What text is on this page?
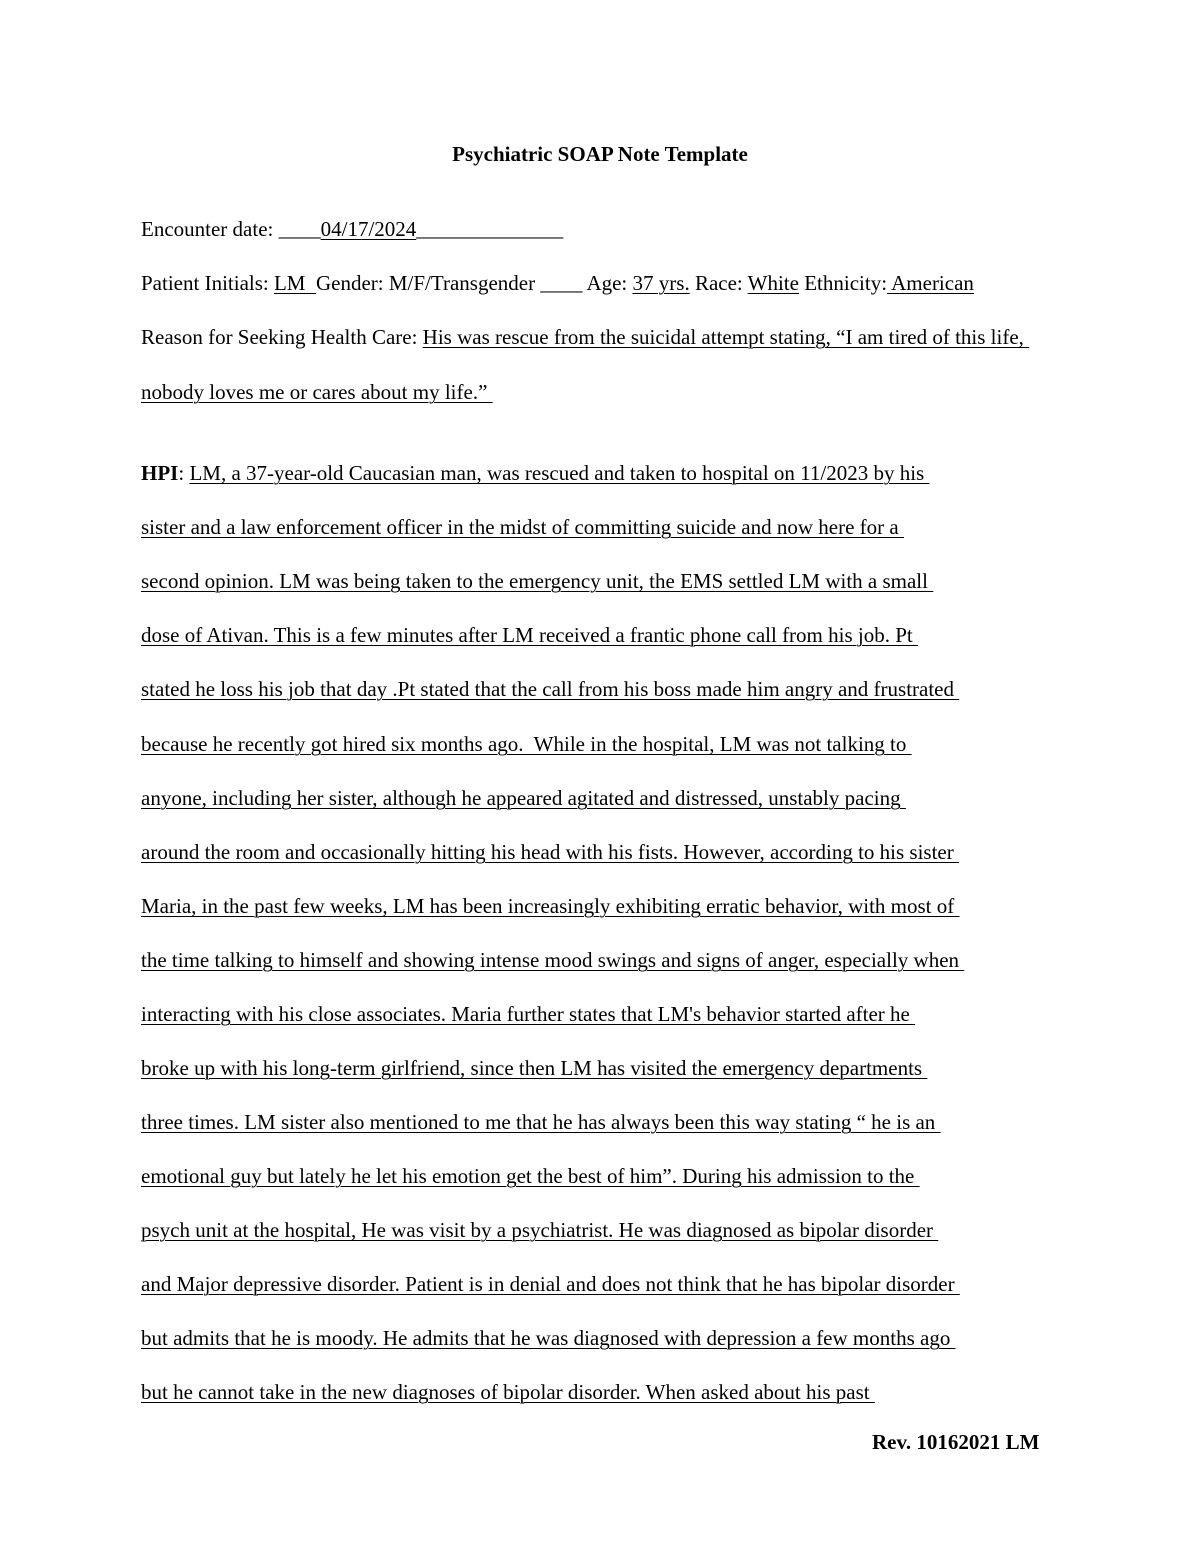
Psychiatric SOAP Note Template
Encounter date: ____04/17/2024______________
Patient Initials: LM  Gender: M/F/Transgender ____ Age: 37 yrs. Race: White Ethnicity: American
Reason for Seeking Health Care: His was rescue from the suicidal attempt stating, “I am tired of this life,
nobody loves me or cares about my life.”
HPI: LM, a 37-year-old Caucasian man, was rescued and taken to hospital on 11/2023 by his
sister and a law enforcement officer in the midst of committing suicide and now here for a
second opinion. LM was being taken to the emergency unit, the EMS settled LM with a small
dose of Ativan. This is a few minutes after LM received a frantic phone call from his job. Pt
stated he loss his job that day .Pt stated that the call from his boss made him angry and frustrated
because he recently got hired six months ago.  While in the hospital, LM was not talking to
anyone, including her sister, although he appeared agitated and distressed, unstably pacing
around the room and occasionally hitting his head with his fists. However, according to his sister
Maria, in the past few weeks, LM has been increasingly exhibiting erratic behavior, with most of
the time talking to himself and showing intense mood swings and signs of anger, especially when
interacting with his close associates. Maria further states that LM's behavior started after he
broke up with his long-term girlfriend, since then LM has visited the emergency departments
three times. LM sister also mentioned to me that he has always been this way stating “ he is an
emotional guy but lately he let his emotion get the best of him”. During his admission to the
psych unit at the hospital, He was visit by a psychiatrist. He was diagnosed as bipolar disorder
and Major depressive disorder. Patient is in denial and does not think that he has bipolar disorder
but admits that he is moody. He admits that he was diagnosed with depression a few months ago
but he cannot take in the new diagnoses of bipolar disorder. When asked about his past
Rev. 10162021 LM
